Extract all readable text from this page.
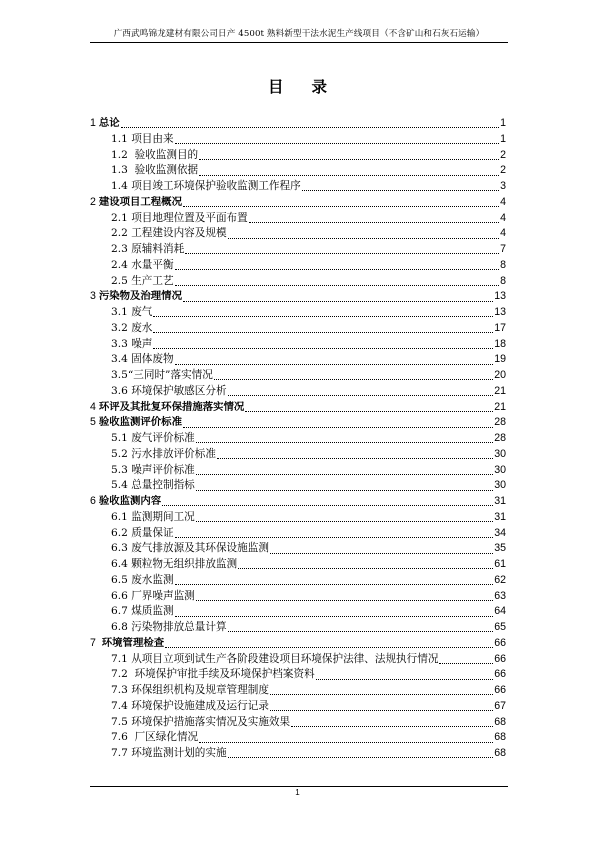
广西武鸣锦龙建材有限公司日产 4500t 熟料新型干法水泥生产线项目（不含矿山和石灰石运输）
目 录
1 总论	1
1.1 项目由来	1
1.2 验收监测目的	2
1.3 验收监测依据	2
1.4 项目竣工环境保护验收监测工作程序	3
2 建设项目工程概况	4
2.1 项目地理位置及平面布置	4
2.2 工程建设内容及规模	4
2.3 原辅料消耗	7
2.4 水量平衡	8
2.5 生产工艺	8
3 污染物及治理情况	13
3.1 废气	13
3.2 废水	17
3.3 噪声	18
3.4 固体废物	19
3.5 “三同时”落实情况	20
3.6 环境保护敏感区分析	21
4 环评及其批复环保措施落实情况	21
5 验收监测评价标准	28
5.1 废气评价标准	28
5.2 污水排放评价标准	30
5.3 噪声评价标准	30
5.4 总量控制指标	30
6 验收监测内容	31
6.1 监测期间工况	31
6.2 质量保证	34
6.3 废气排放源及其环保设施监测	35
6.4 颗粒物无组织排放监测	61
6.5 废水监测	62
6.6 厂界噪声监测	63
6.7 煤质监测	64
6.8 污染物排放总量计算	65
7 环境管理检查	66
7.1 从项目立项到试生产各阶段建设项目环境保护法律、法规执行情况	66
7.2 环境保护审批手续及环境保护档案资料	66
7.3 环保组织机构及规章管理制度	66
7.4 环境保护设施建成及运行记录	67
7.5 环境保护措施落实情况及实施效果	68
7.6 厂区绿化情况	68
7.7 环境监测计划的实施	68
1
